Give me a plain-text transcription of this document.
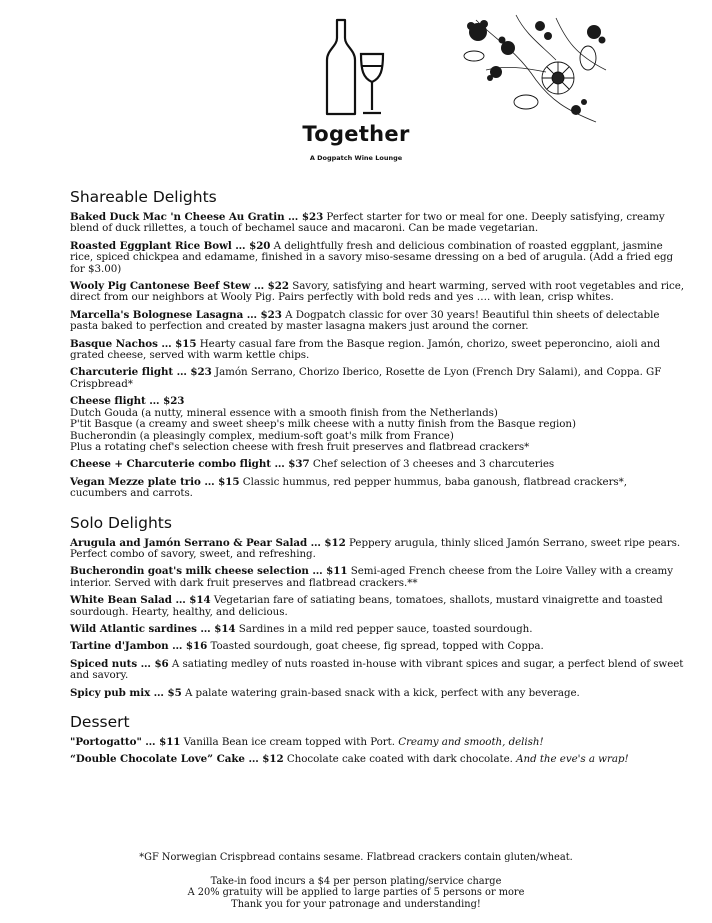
Together
A Dogpatch Wine Lounge
Shareable Delights

Baked Duck Mac 'n Cheese Au Gratin … $23 Perfect starter for two or meal for one. Deeply satisfying, creamy blend of duck rillettes, a touch of bechamel sauce and macaroni. Can be made vegetarian.

Roasted Eggplant Rice Bowl … $20 A delightfully fresh and delicious combination of roasted eggplant, jasmine rice, spiced chickpea and edamame, finished in a savory miso-sesame dressing on a bed of arugula. (Add a fried egg for $3.00)

Wooly Pig Cantonese Beef Stew … $22 Savory, satisfying and heart warming, served with root vegetables and rice, direct from our neighbors at Wooly Pig. Pairs perfectly with bold reds and yes …. with lean, crisp whites.

Marcella's Bolognese Lasagna … $23 A Dogpatch classic for over 30 years! Beautiful thin sheets of delectable pasta baked to perfection and created by master lasagna makers just around the corner.

Basque Nachos … $15 Hearty casual fare from the Basque region. Jamón, chorizo, sweet peperoncino, aioli and grated cheese, served with warm kettle chips.

Charcuterie flight … $23 Jamón Serrano, Chorizo Iberico, Rosette de Lyon (French Dry Salami), and Coppa. GF Crispbread*

Cheese flight … $23
Dutch Gouda (a nutty, mineral essence with a smooth finish from the Netherlands)
P'tit Basque (a creamy and sweet sheep's milk cheese with a nutty finish from the Basque region)
Bucherondin (a pleasingly complex, medium-soft goat's milk from France)
Plus a rotating chef's selection cheese with fresh fruit preserves and flatbread crackers*

Cheese + Charcuterie combo flight … $37 Chef selection of 3 cheeses and 3 charcuteries

Vegan Mezze plate trio … $15 Classic hummus, red pepper hummus, baba ganoush, flatbread crackers*, cucumbers and carrots.

Solo Delights

Arugula and Jamón Serrano & Pear Salad … $12 Peppery arugula, thinly sliced Jamón Serrano, sweet ripe pears. Perfect combo of savory, sweet, and refreshing.

Bucherondin goat's milk cheese selection … $11 Semi-aged French cheese from the Loire Valley with a creamy interior. Served with dark fruit preserves and flatbread crackers.**

White Bean Salad … $14 Vegetarian fare of satiating beans, tomatoes, shallots, mustard vinaigrette and toasted sourdough. Hearty, healthy, and delicious.

Wild Atlantic sardines … $14 Sardines in a mild red pepper sauce, toasted sourdough.

Tartine d'Jambon … $16 Toasted sourdough, goat cheese, fig spread, topped with Coppa.

Spiced nuts … $6 A satiating medley of nuts roasted in-house with vibrant spices and sugar, a perfect blend of sweet and savory.

Spicy pub mix … $5 A palate watering grain-based snack with a kick, perfect with any beverage.

Dessert

"Portogatto" … $11 Vanilla Bean ice cream topped with Port. Creamy and smooth, delish!

“Double Chocolate Love” Cake … $12 Chocolate cake coated with dark chocolate. And the eve's a wrap!

*GF Norwegian Crispbread contains sesame. Flatbread crackers contain gluten/wheat.
Take-in food incurs a $4 per person plating/service charge
A 20% gratuity will be applied to large parties of 5 persons or more
Thank you for your patronage and understanding!
